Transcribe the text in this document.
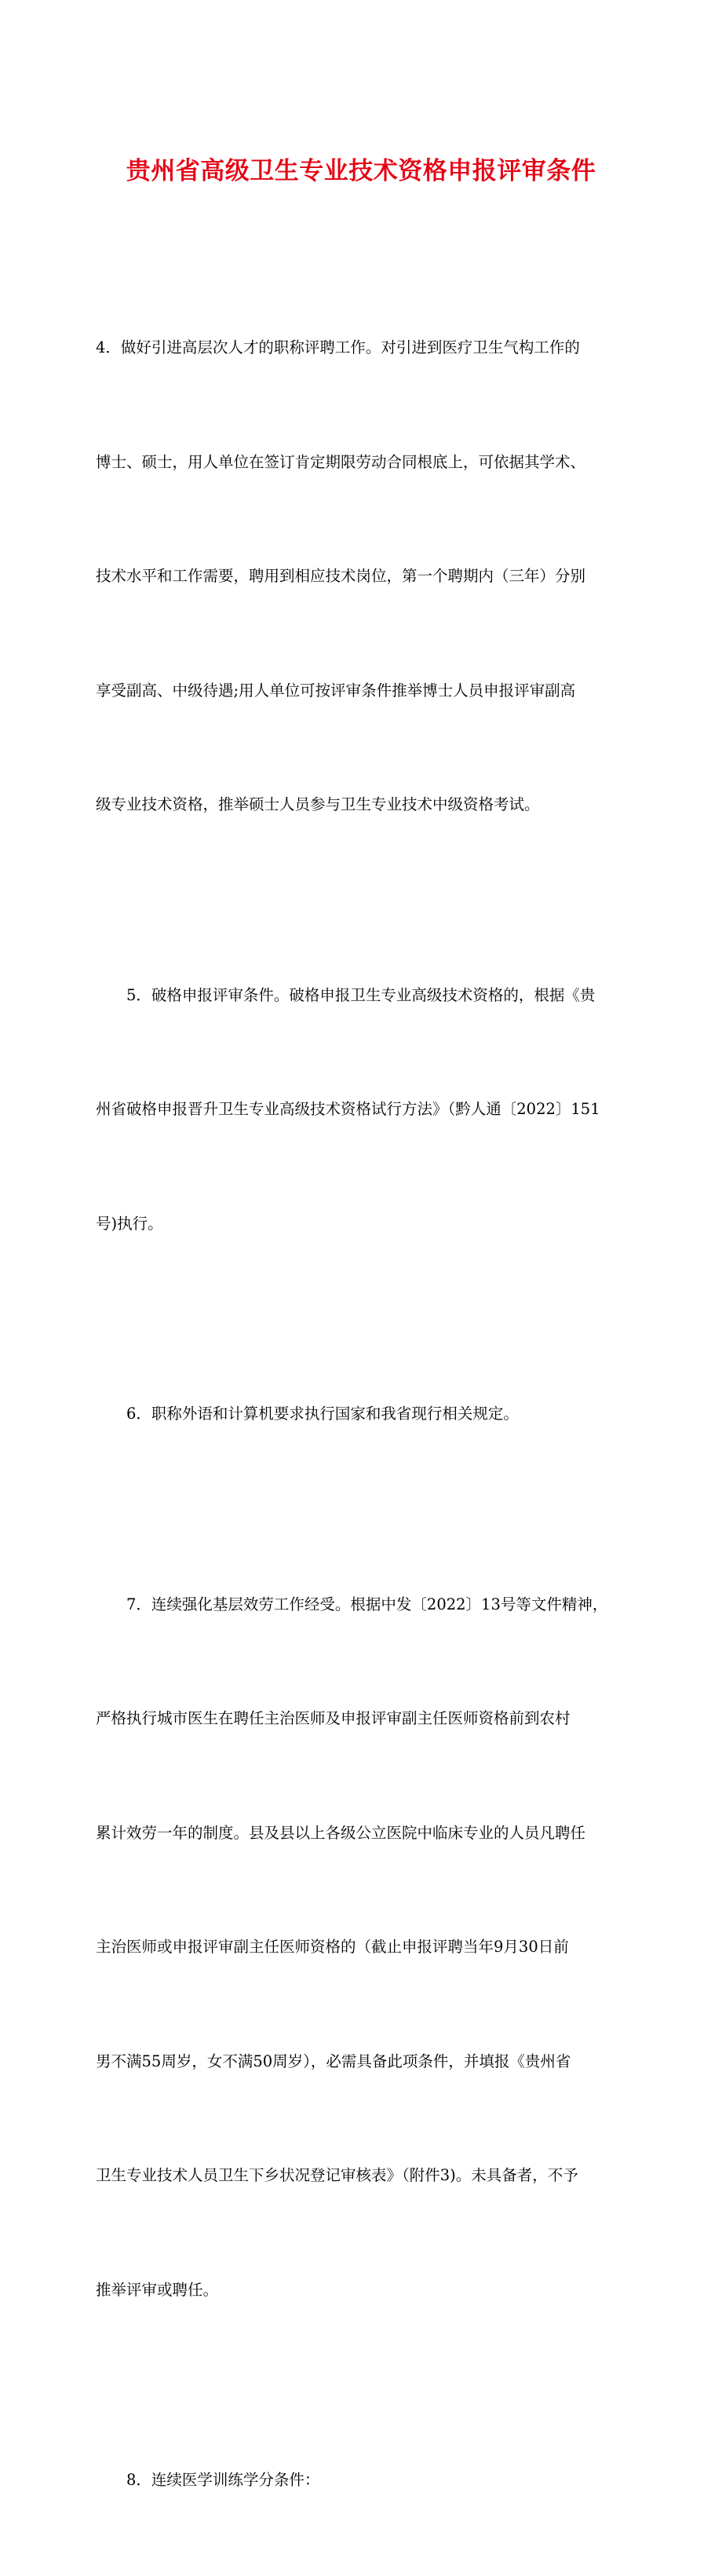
贵州省高级卫生专业技术资格申报评审条件

4．做好引进高层次人才的职称评聘工作。对引进到医疗卫生气构工作的

博士、硕士，用人单位在签订肯定期限劳动合同根底上，可依据其学术、

技术水平和工作需要，聘用到相应技术岗位，第一个聘期内（三年）分别

享受副高、中级待遇;用人单位可按评审条件推举博士人员申报评审副高

级专业技术资格，推举硕士人员参与卫生专业技术中级资格考试。

5．破格申报评审条件。破格申报卫生专业高级技术资格的，根据《贵

州省破格申报晋升卫生专业高级技术资格试行方法》（黔人通〔2022〕151

号)执行。

6．职称外语和计算机要求执行国家和我省现行相关规定。

7．连续强化基层效劳工作经受。根据中发〔2022〕13号等文件精神，

严格执行城市医生在聘任主治医师及申报评审副主任医师资格前到农村

累计效劳一年的制度。县及县以上各级公立医院中临床专业的人员凡聘任

主治医师或申报评审副主任医师资格的（截止申报评聘当年9月30日前

男不满55周岁，女不满50周岁），必需具备此项条件，并填报《贵州省

卫生专业技术人员卫生下乡状况登记审核表》（附件3)。未具备者，不予

推举评审或聘任。

8．连续医学训练学分条件：
